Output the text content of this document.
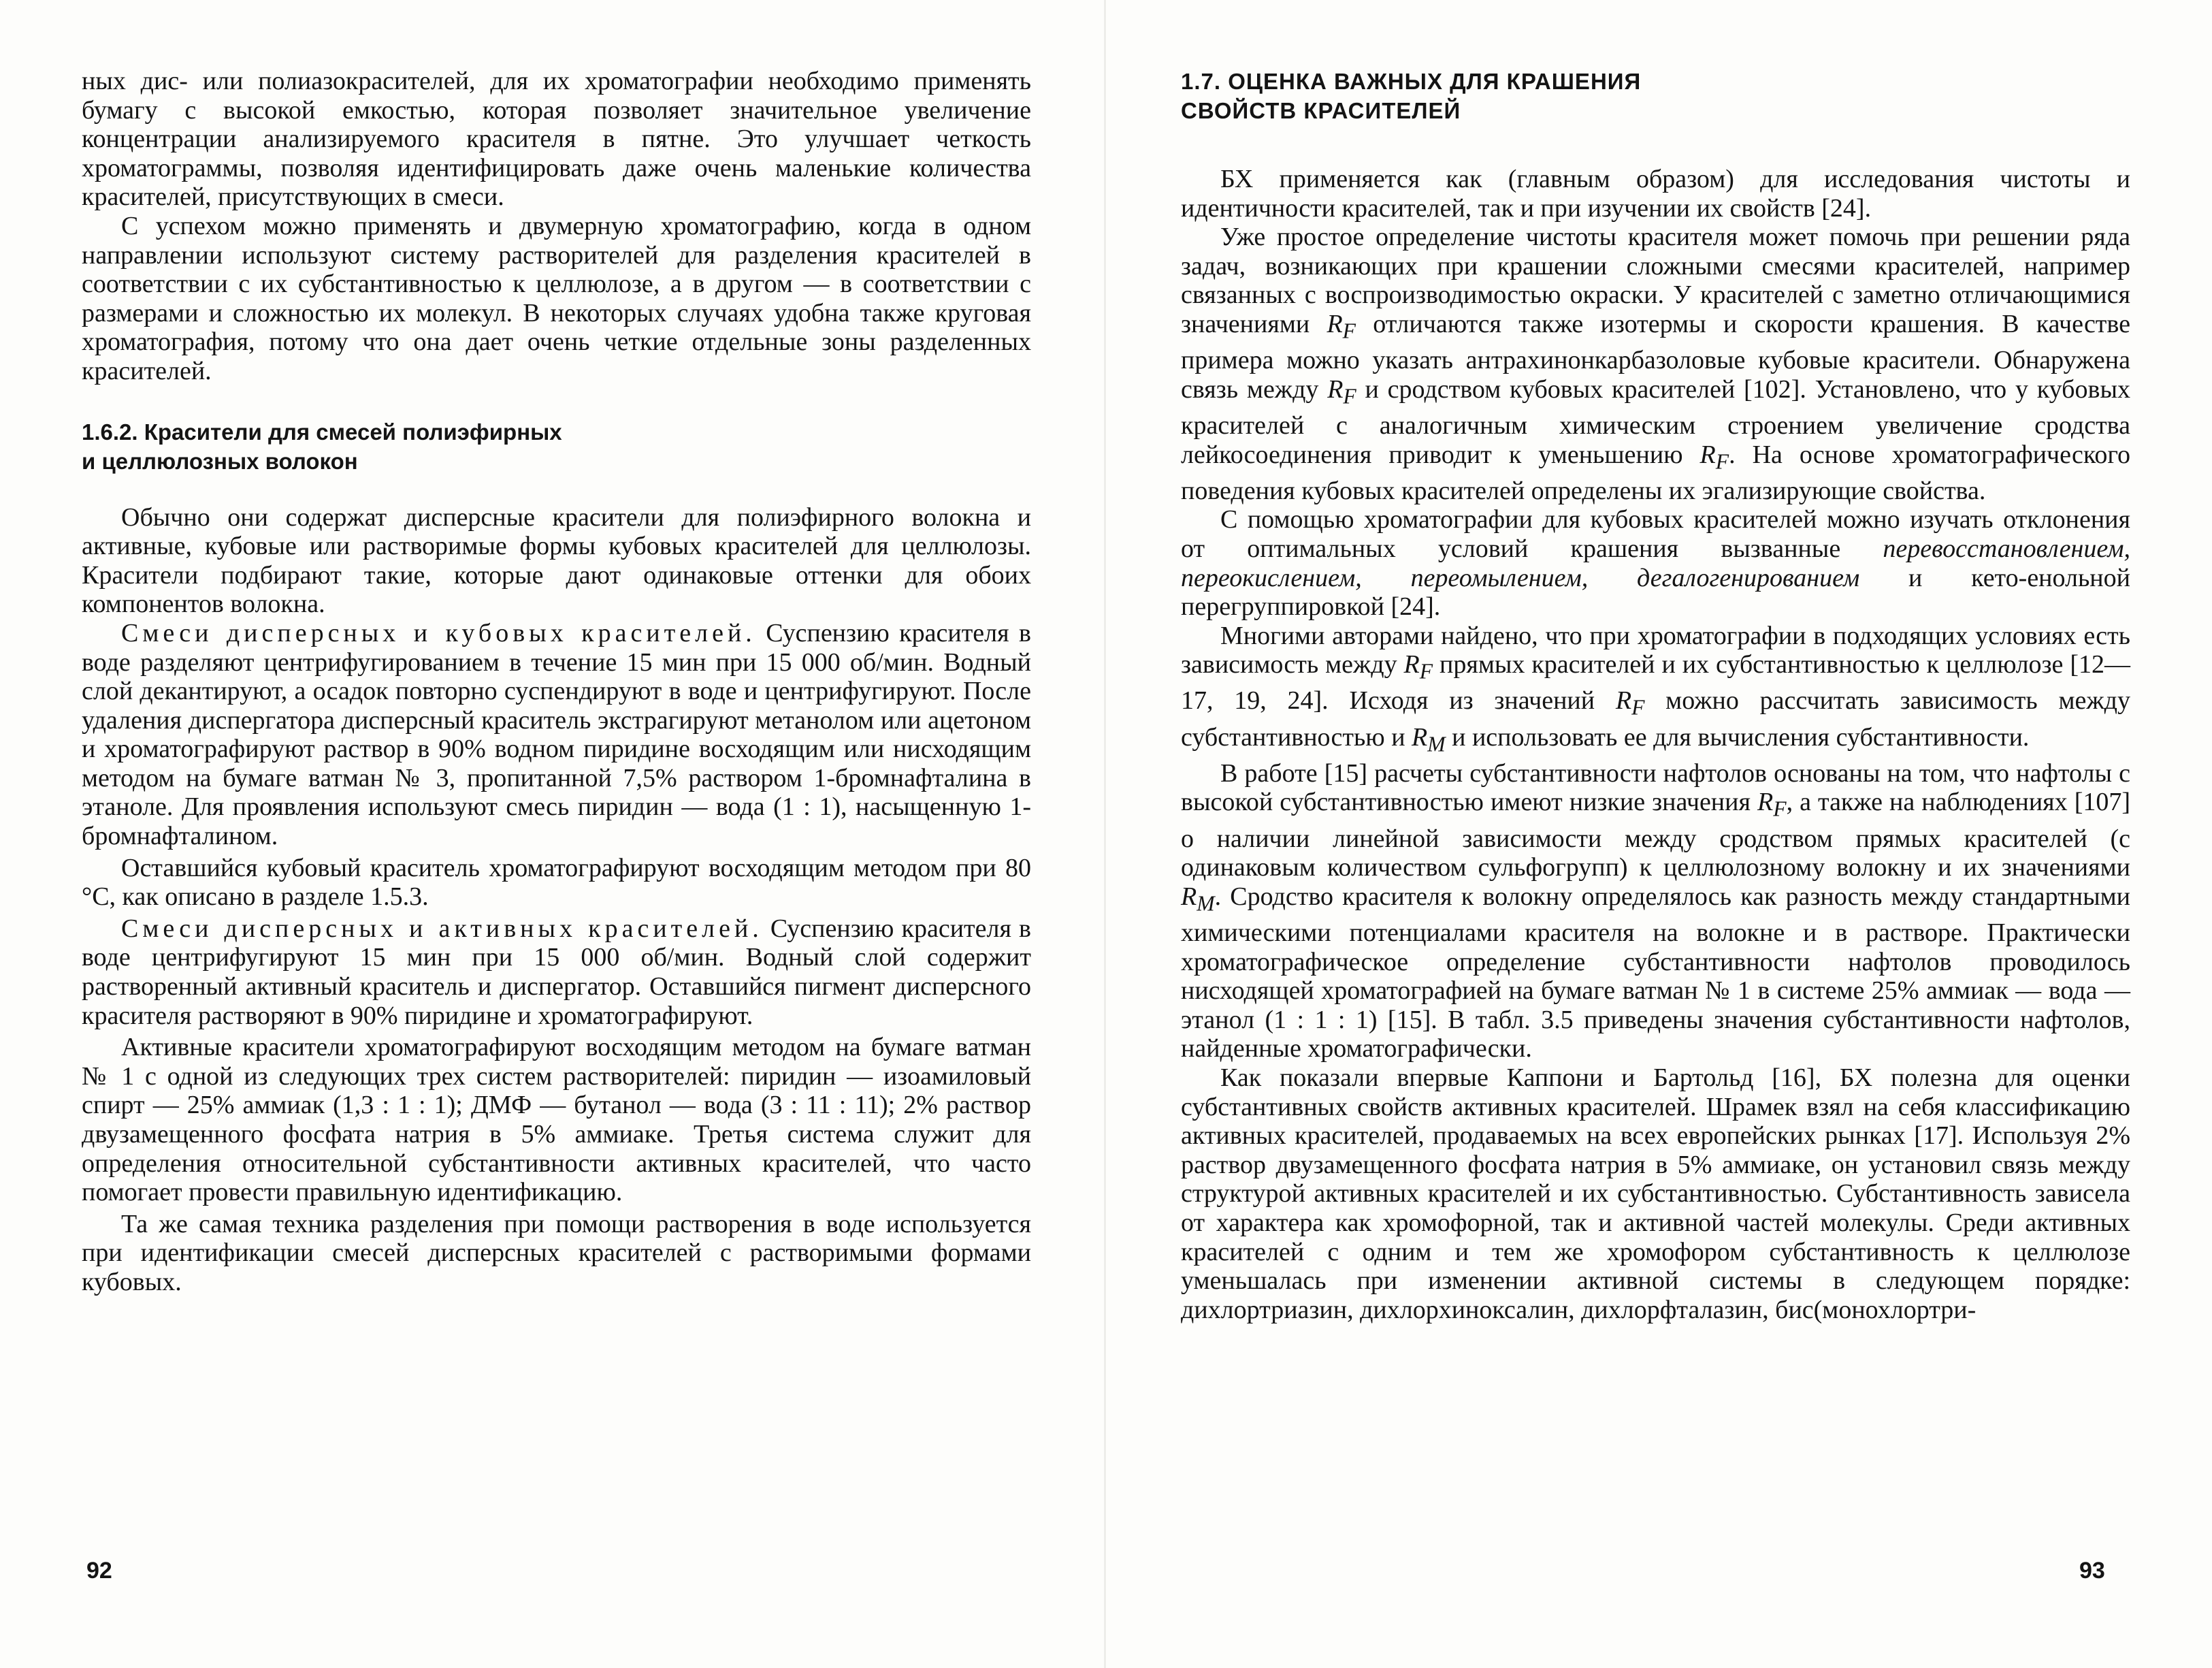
ных дис- или полиазокрасителей, для их хроматографии необходимо применять бумагу с высокой емкостью, которая позволяет значительное увеличение концентрации анализируемого красителя в пятне. Это улучшает четкость хроматограммы, позволяя идентифицировать даже очень маленькие количества красителей, присутствующих в смеси.

С успехом можно применять и двумерную хроматографию, когда в одном направлении используют систему растворителей для разделения красителей в соответствии с их субстантивностью к целлюлозе, а в другом — в соответствии с размерами и сложностью их молекул. В некоторых случаях удобна также круговая хроматография, потому что она дает очень четкие отдельные зоны разделенных красителей.

1.6.2. Красители для смесей полиэфирных
и целлюлозных волокон

Обычно они содержат дисперсные красители для полиэфирного волокна и активные, кубовые или растворимые формы кубовых красителей для целлюлозы. Красители подбирают такие, которые дают одинаковые оттенки для обоих компонентов волокна.

Смеси дисперсных и кубовых красителей. Суспензию красителя в воде разделяют центрифугированием в течение 15 мин при 15 000 об/мин. Водный слой декантируют, а осадок повторно суспендируют в воде и центрифугируют. После удаления диспергатора дисперсный краситель экстрагируют метанолом или ацетоном и хроматографируют раствор в 90% водном пиридине восходящим или нисходящим методом на бумаге ватман № 3, пропитанной 7,5% раствором 1-бромнафталина в этаноле. Для проявления используют смесь пиридин — вода (1 : 1), насыщенную 1-бромнафталином.

Оставшийся кубовый краситель хроматографируют восходящим методом при 80 °С, как описано в разделе 1.5.3.

Смеси дисперсных и активных красителей. Суспензию красителя в воде центрифугируют 15 мин при 15 000 об/мин. Водный слой содержит растворенный активный краситель и диспергатор. Оставшийся пигмент дисперсного красителя растворяют в 90% пиридине и хроматографируют.

Активные красители хроматографируют восходящим методом на бумаге ватман № 1 с одной из следующих трех систем растворителей: пиридин — изоамиловый спирт — 25% аммиак (1,3 : 1 : 1); ДМФ — бутанол — вода (3 : 11 : 11); 2% раствор двузамещенного фосфата натрия в 5% аммиаке. Третья система служит для определения относительной субстантивности активных красителей, что часто помогает провести правильную идентификацию.

Та же самая техника разделения при помощи растворения в воде используется при идентификации смесей дисперсных красителей с растворимыми формами кубовых.

92
1.7. ОЦЕНКА ВАЖНЫХ ДЛЯ КРАШЕНИЯ
СВОЙСТВ КРАСИТЕЛЕЙ

БХ применяется как (главным образом) для исследования чистоты и идентичности красителей, так и при изучении их свойств [24].

Уже простое определение чистоты красителя может помочь при решении ряда задач, возникающих при крашении сложными смесями красителей, например связанных с воспроизводимостью окраски. У красителей с заметно отличающимися значениями $R_F$ отличаются также изотермы и скорости крашения. В качестве примера можно указать антрахинонкарбазоловые кубовые красители. Обнаружена связь между $R_F$ и сродством кубовых красителей [102]. Установлено, что у кубовых красителей с аналогичным химическим строением увеличение сродства лейкосоединения приводит к уменьшению $R_F$. На основе хроматографического поведения кубовых красителей определены их эгализирующие свойства.

С помощью хроматографии для кубовых красителей можно изучать отклонения от оптимальных условий крашения вызванные перевосстановлением, переокислением, переомылением, дегалогенированием и кето-енольной перегруппировкой [24].

Многими авторами найдено, что при хроматографии в подходящих условиях есть зависимость между $R_F$ прямых красителей и их субстантивностью к целлюлозе [12—17, 19, 24]. Исходя из значений $R_F$ можно рассчитать зависимость между субстантивностью и $R_M$ и использовать ее для вычисления субстантивности.

В работе [15] расчеты субстантивности нафтолов основаны на том, что нафтолы с высокой субстантивностью имеют низкие значения $R_F$, а также на наблюдениях [107] о наличии линейной зависимости между сродством прямых красителей (с одинаковым количеством сульфогрупп) к целлюлозному волокну и их значениями $R_M$. Сродство красителя к волокну определялось как разность между стандартными химическими потенциалами красителя на волокне и в растворе. Практически хроматографическое определение субстантивности нафтолов проводилось нисходящей хроматографией на бумаге ватман № 1 в системе 25% аммиак — вода — этанол (1 : 1 : 1) [15]. В табл. 3.5 приведены значения субстантивности нафтолов, найденные хроматографически.

Как показали впервые Каппони и Бартольд [16], БХ полезна для оценки субстантивных свойств активных красителей. Шрамек взял на себя классификацию активных красителей, продаваемых на всех европейских рынках [17]. Используя 2% раствор двузамещенного фосфата натрия в 5% аммиаке, он установил связь между структурой активных красителей и их субстантивностью. Субстантивность зависела от характера как хромофорной, так и активной частей молекулы. Среди активных красителей с одним и тем же хромофором субстантивность к целлюлозе уменьшалась при изменении активной системы в следующем порядке: дихлортриазин, дихлорхиноксалин, дихлорфталазин, бис(монохлортри-

93
